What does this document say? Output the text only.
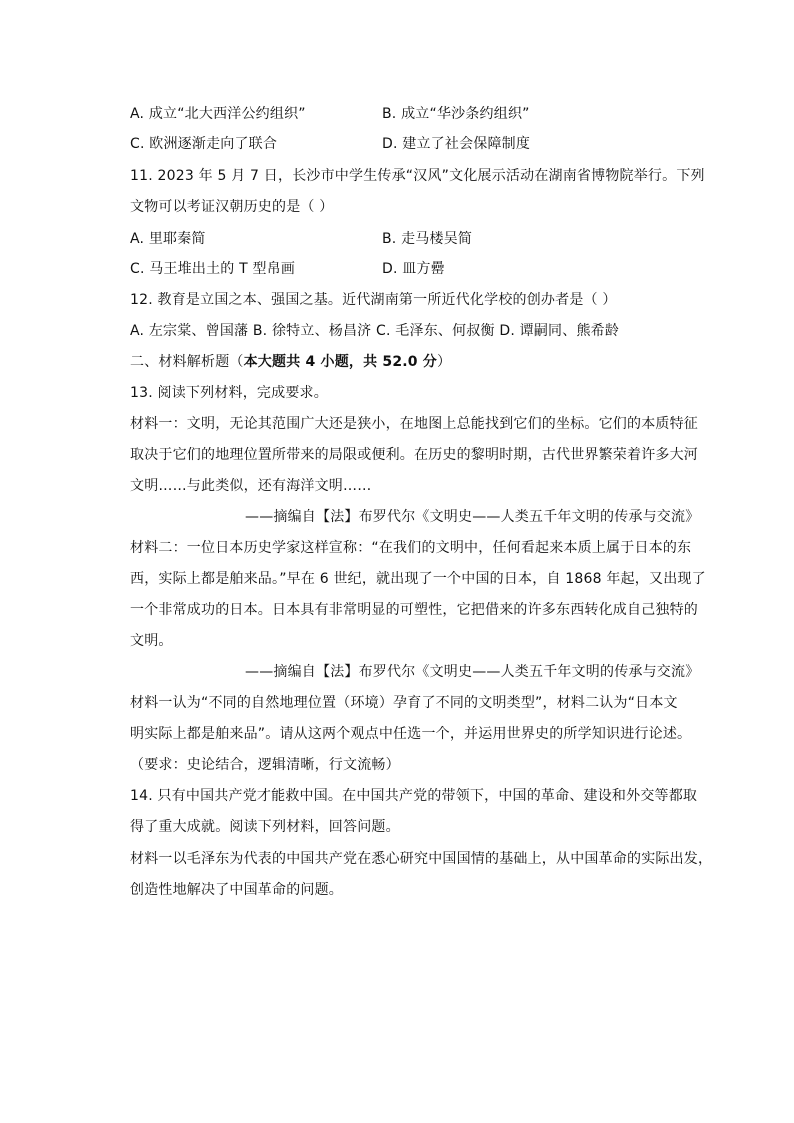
A. 成立“北大西洋公约组织”	B. 成立“华沙条约组织”
C. 欧洲逐渐走向了联合	D. 建立了社会保障制度
11. 2023 年 5 月 7 日，长沙市中学生传承“汉风”文化展示活动在湖南省博物院举行。下列
文物可以考证汉朝历史的是（ ）
A. 里耶秦简	B. 走马楼吴简
C. 马王堆出土的 T 型帛画	D. 皿方罍
12. 教育是立国之本、强国之基。近代湖南第一所近代化学校的创办者是（ ）
A. 左宗棠、曾国藩 B. 徐特立、杨昌济 C. 毛泽东、何叔衡 D. 谭嗣同、熊希龄
二、材料解析题（本大题共 4 小题，共 52.0 分）
13. 阅读下列材料，完成要求。
材料一：文明，无论其范围广大还是狭小，在地图上总能找到它们的坐标。它们的本质特征
取决于它们的地理位置所带来的局限或便利。在历史的黎明时期，古代世界繁荣着许多大河
文明……与此类似，还有海洋文明……
——摘编自【法】布罗代尔《文明史——人类五千年文明的传承与交流》
材料二：一位日本历史学家这样宣称：“在我们的文明中，任何看起来本质上属于日本的东
西，实际上都是舶来品。”早在 6 世纪，就出现了一个中国的日本，自 1868 年起，又出现了
一个非常成功的日本。日本具有非常明显的可塑性，它把借来的许多东西转化成自己独特的
文明。
——摘编自【法】布罗代尔《文明史——人类五千年文明的传承与交流》
材料一认为“不同的自然地理位置（环境）孕育了不同的文明类型”，材料二认为“日本文
明实际上都是舶来品”。请从这两个观点中任选一个，并运用世界史的所学知识进行论述。
（要求：史论结合，逻辑清晰，行文流畅）
14. 只有中国共产党才能救中国。在中国共产党的带领下，中国的革命、建设和外交等都取
得了重大成就。阅读下列材料，回答问题。
材料一以毛泽东为代表的中国共产党在悉心研究中国国情的基础上，从中国革命的实际出发，
创造性地解决了中国革命的问题。
